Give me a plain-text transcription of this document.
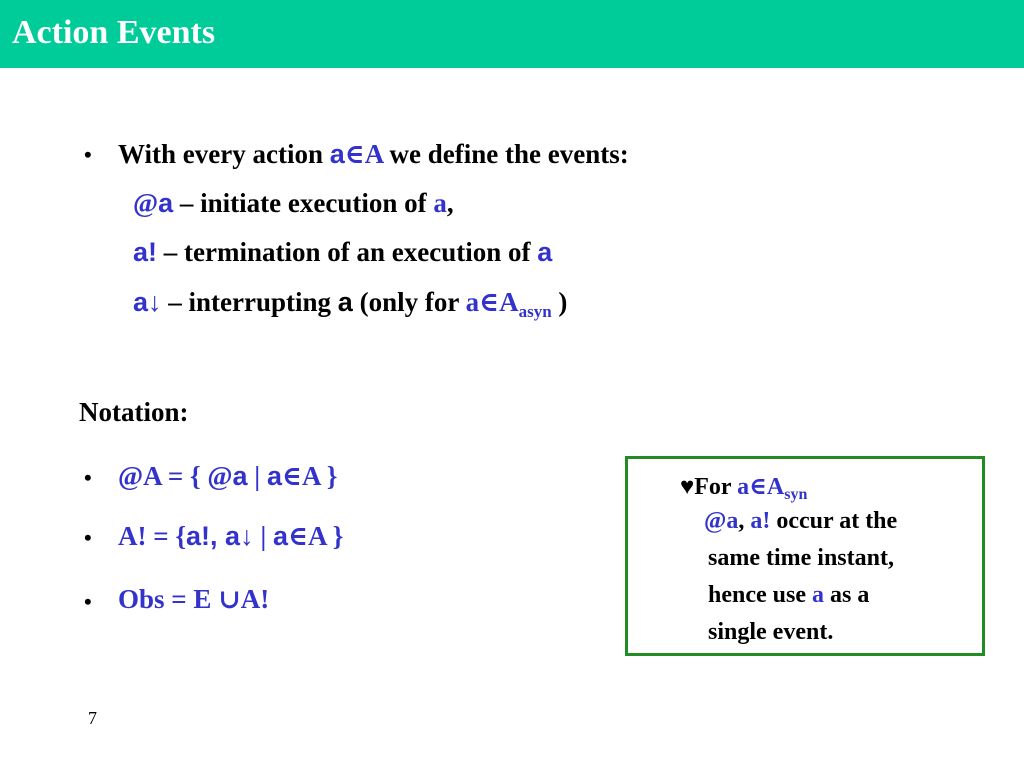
Action Events
• With every action a∈A we define the events:
@a – initiate execution of a,
a! – termination of an execution of a
a↓ – interrupting a (only for $a\in A_{asyn}$ )
Notation:
• @A = { @a | a∈A }
• A! = {a!, a↓ | a∈A }
• Obs = E ∪A!
♥For $a\in A_{syn}$
@a, a! occur at the
same time instant,
hence use a as a
single event.
7
